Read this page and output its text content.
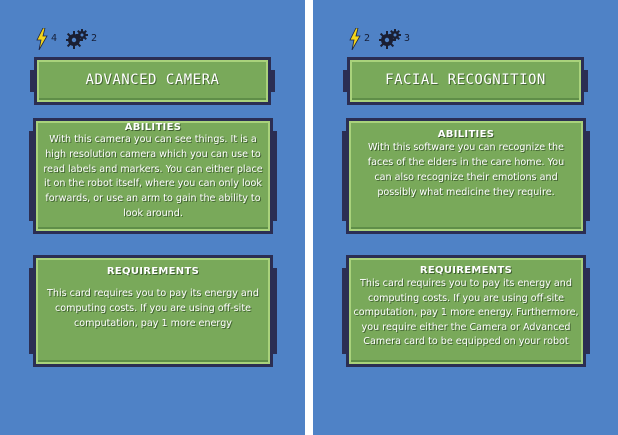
4	2
ADVANCED CAMERA
ABILITIES
With this camera you can see things. It is a high resolution camera which you can use to read labels and markers. You can either place it on the robot itself, where you can only look forwards, or use an arm to gain the ability to look around.
REQUIREMENTS
This card requires you to pay its energy and computing costs. If you are using off-site computation, pay 1 more energy
2	3
FACIAL RECOGNITION
ABILITIES
With this software you can recognize the faces of the elders in the care home. You can also recognize their emotions and possibly what medicine they require.
REQUIREMENTS
This card requires you to pay its energy and computing costs. If you are using off-site computation, pay 1 more energy. Furthermore, you require either the Camera or Advanced Camera card to be equipped on your robot
